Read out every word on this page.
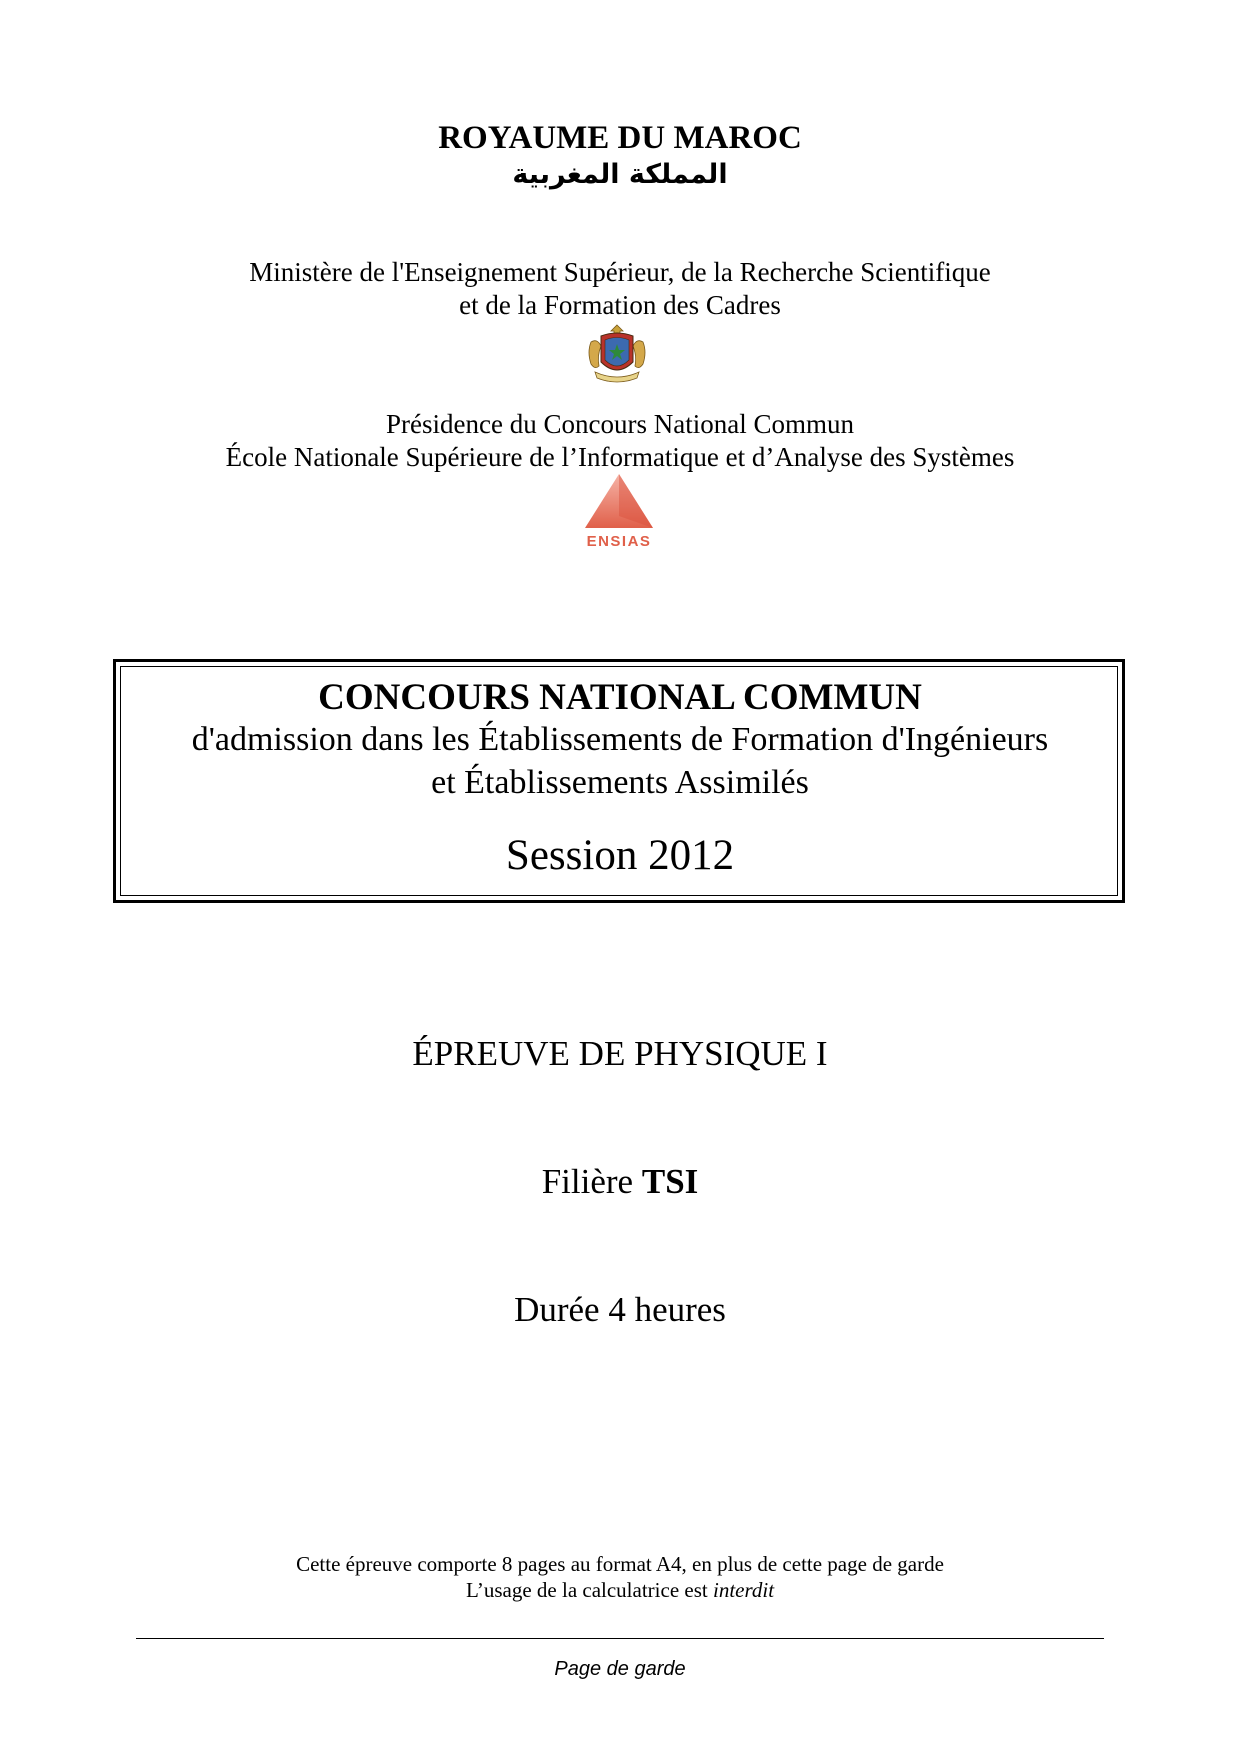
ROYAUME DU MAROC
المملكة المغربية
Ministère de l'Enseignement Supérieur, de la Recherche Scientifique
et de la Formation des Cadres
Présidence du Concours National Commun
École Nationale Supérieure de l’Informatique et d’Analyse des Systèmes
ENSIAS
CONCOURS NATIONAL COMMUN
d'admission dans les Établissements de Formation d'Ingénieurs
et Établissements Assimilés
Session 2012
ÉPREUVE DE PHYSIQUE I
Filière TSI
Durée 4 heures
Cette épreuve comporte 8 pages au format A4, en plus de cette page de garde
L’usage de la calculatrice est interdit
Page de garde
